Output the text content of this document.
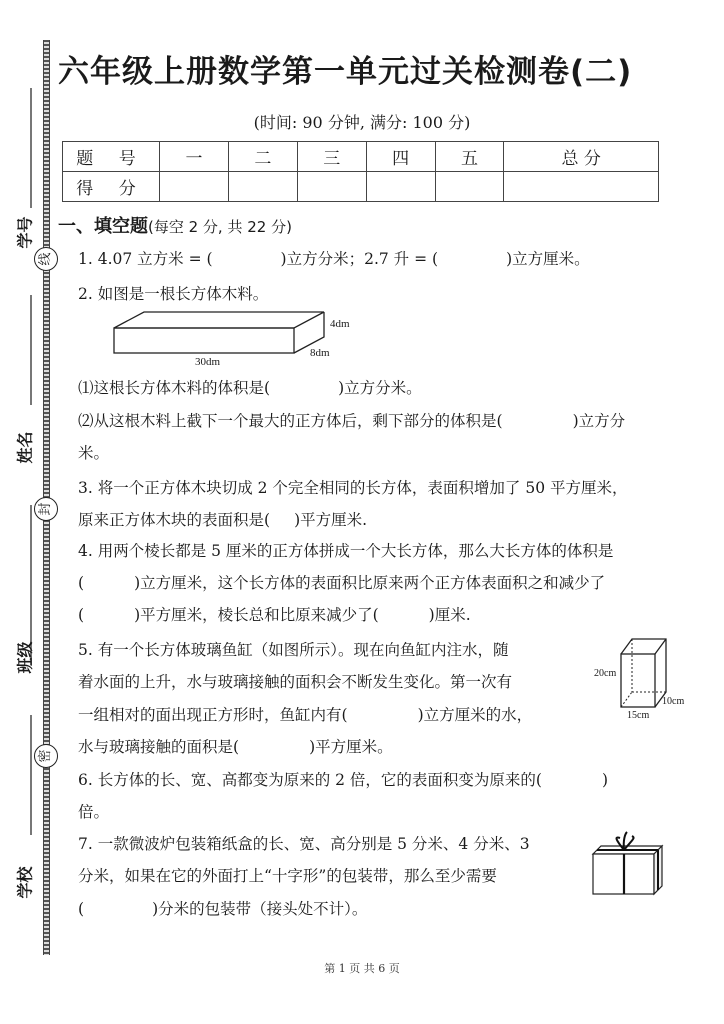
学号
姓名
班级
学校
线
封
密
六年级上册数学第一单元过关检测卷(二)
(时间: 90 分钟, 满分: 100 分)
题 号	一	二	三	四	五	总 分
得 分						
一、填空题(每空 2 分, 共 22 分)
1. 4.07 立方米 = (	)立方分米；2.7 升 = (	)立方厘米。
2. 如图是一根长方体木料。
4dm
8dm
30dm
⑴这根长方体木料的体积是(	)立方分米。
⑵从这根木料上截下一个最大的正方体后，剩下部分的体积是(	)立方分
米。
3. 将一个正方体木块切成 2 个完全相同的长方体，表面积增加了 50 平方厘米，
原来正方体木块的表面积是( )平方厘米.
4. 用两个棱长都是 5 厘米的正方体拼成一个大长方体，那么大长方体的体积是
(	)立方厘米，这个长方体的表面积比原来两个正方体表面积之和减少了
(	)平方厘米，棱长总和比原来减少了(	)厘米.
5. 有一个长方体玻璃鱼缸（如图所示）。现在向鱼缸内注水，随
着水面的上升，水与玻璃接触的面积会不断发生变化。第一次有
一组相对的面出现正方形时，鱼缸内有(	)立方厘米的水，
水与玻璃接触的面积是(	)平方厘米。
20cm
10cm
15cm
6. 长方体的长、宽、高都变为原来的 2 倍，它的表面积变为原来的(	)
倍。
7. 一款微波炉包装箱纸盒的长、宽、高分别是 5 分米、4 分米、3
分米，如果在它的外面打上“十字形”的包装带，那么至少需要
(	)分米的包装带（接头处不计）。
第 1 页 共 6 页
